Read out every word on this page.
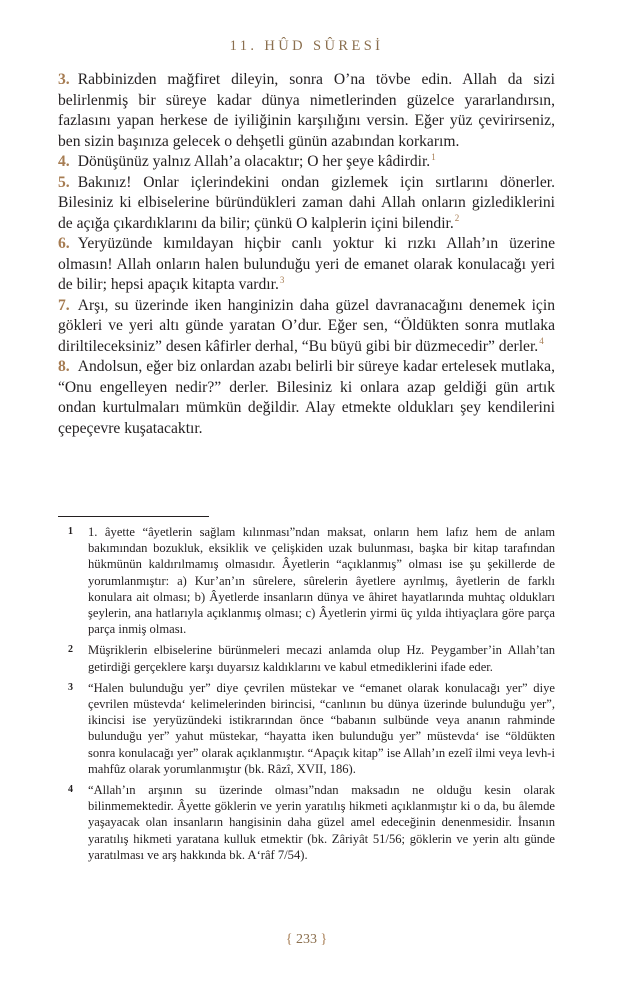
11. HÛD SÛRESİ

3. Rabbinizden mağfiret dileyin, sonra O’na tövbe edin. Allah da sizi belirlenmiş bir süreye kadar dünya nimetlerinden güzelce yararlandırsın, fazlasını yapan herkese de iyiliğinin karşılığını versin. Eğer yüz çevirirseniz, ben sizin başınıza gelecek o dehşetli günün azabından korkarım.

4. Dönüşünüz yalnız Allah’a olacaktır; O her şeye kâdirdir.$^1$

5. Bakınız! Onlar içlerindekini ondan gizlemek için sırtlarını dönerler. Bilesiniz ki elbiselerine büründükleri zaman dahi Allah onların gizlediklerini de açığa çıkardıklarını da bilir; çünkü O kalplerin içini bilendir.$^2$

6. Yeryüzünde kımıldayan hiçbir canlı yoktur ki rızkı Allah’ın üzerine olmasın! Allah onların halen bulunduğu yeri de emanet olarak konulacağı yeri de bilir; hepsi apaçık kitapta vardır.$^3$

7. Arşı, su üzerinde iken hanginizin daha güzel davranacağını denemek için gökleri ve yeri altı günde yaratan O’dur. Eğer sen, “Öldükten sonra mutlaka diriltileceksiniz” desen kâfirler derhal, “Bu büyü gibi bir düzmecedir” derler.$^4$

8. Andolsun, eğer biz onlardan azabı belirli bir süreye kadar ertelesek mutlaka, “Onu engelleyen nedir?” derler. Bilesiniz ki onlara azap geldiği gün artık ondan kurtulmaları mümkün değildir. Alay etmekte oldukları şey kendilerini çepeçevre kuşatacaktır.

1 1. âyette “âyetlerin sağlam kılınması”ndan maksat, onların hem lafız hem de anlam bakımından bozukluk, eksiklik ve çelişkiden uzak bulunması, başka bir kitap tarafından hükmünün kaldırılmamış olmasıdır. Âyetlerin “açıklanmış” olması ise şu şekillerde de yorumlanmıştır: a) Kur’an’ın sûrelere, sûrelerin âyetlere ayrılmış, âyetlerin de farklı konulara ait olması; b) Âyetlerde insanların dünya ve âhiret hayatlarında muhtaç oldukları şeylerin, ana hatlarıyla açıklanmış olması; c) Âyetlerin yirmi üç yılda ihtiyaçlara göre parça parça inmiş olması.

2 Müşriklerin elbiselerine bürünmeleri mecazi anlamda olup Hz. Peygamber’in Allah’tan getirdiği gerçeklere karşı duyarsız kaldıklarını ve kabul etmediklerini ifade eder.

3 “Halen bulunduğu yer” diye çevrilen müstekar ve “emanet olarak konulacağı yer” diye çevrilen müstevda‘ kelimelerinden birincisi, “canlının bu dünya üzerinde bulunduğu yer”, ikincisi ise yeryüzündeki istikrarından önce “babanın sulbünde veya ananın rahminde bulunduğu yer” yahut müstekar, “hayatta iken bulunduğu yer” müstevda‘ ise “öldükten sonra konulacağı yer” olarak açıklanmıştır. “Apaçık kitap” ise Allah’ın ezelî ilmi veya levh-i mahfûz olarak yorumlanmıştır (bk. Râzî, XVII, 186).

4 “Allah’ın arşının su üzerinde olması”ndan maksadın ne olduğu kesin olarak bilinmemektedir. Âyette göklerin ve yerin yaratılış hikmeti açıklanmıştır ki o da, bu âlemde yaşayacak olan insanların hangisinin daha güzel amel edeceğinin denenmesidir. İnsanın yaratılış hikmeti yaratana kulluk etmektir (bk. Zâriyât 51/56; göklerin ve yerin altı günde yaratılması ve arş hakkında bk. A‘râf 7/54).

{ 233 }
